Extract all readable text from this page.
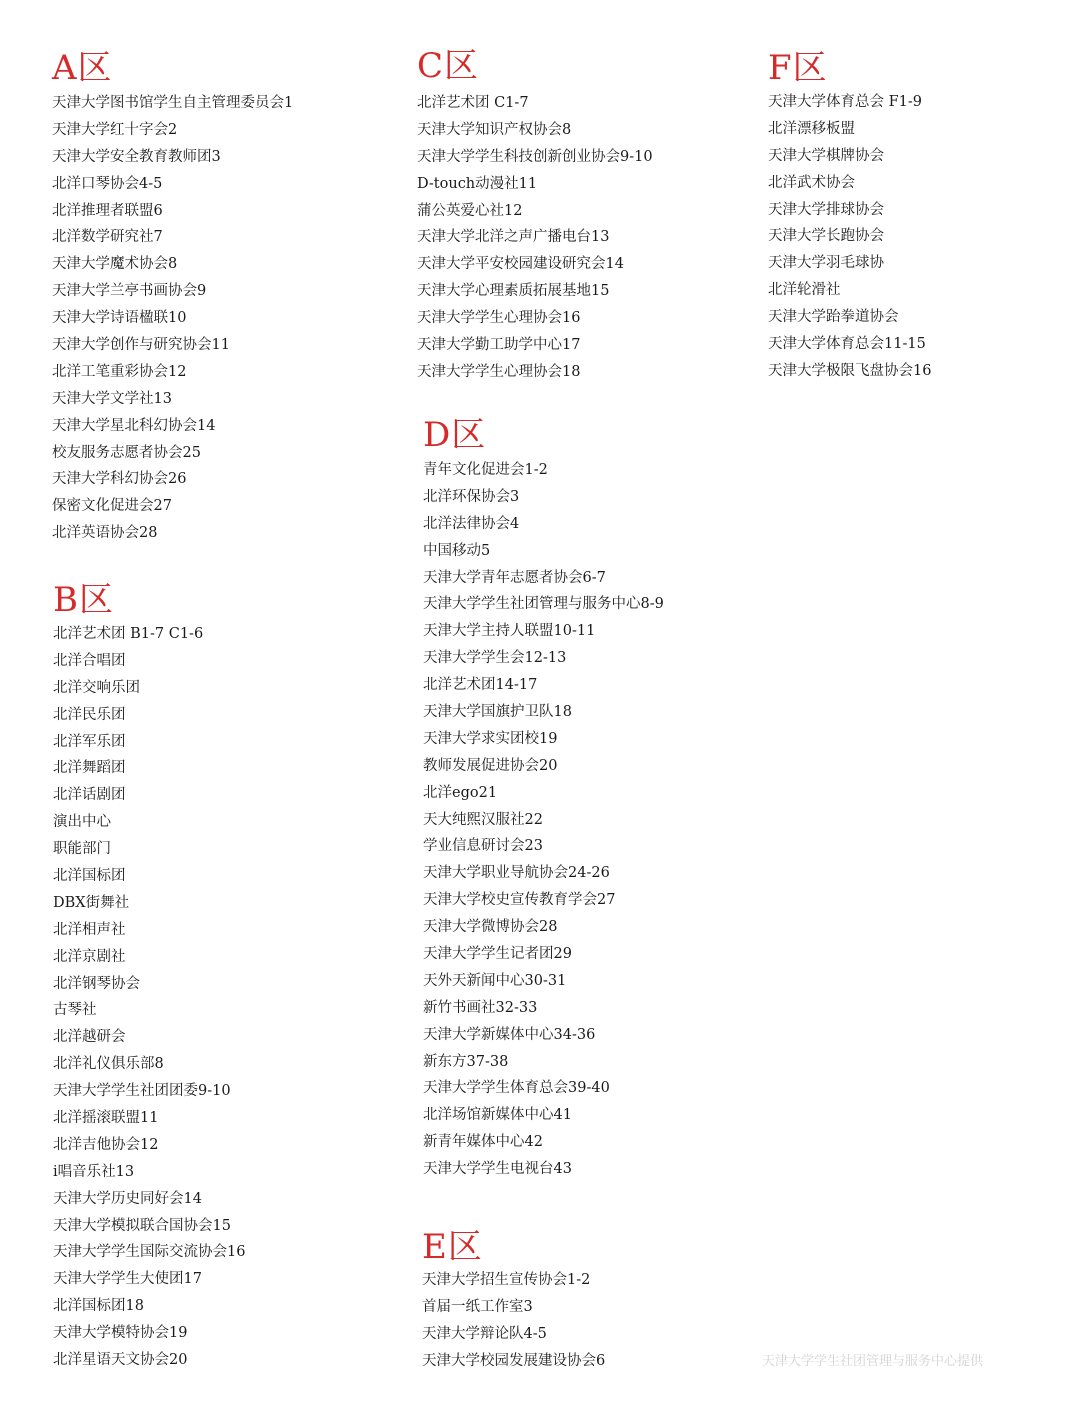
A区
天津大学图书馆学生自主管理委员会1
天津大学红十字会2
天津大学安全教育教师团3
北洋口琴协会4-5
北洋推理者联盟6
北洋数学研究社7
天津大学魔术协会8
天津大学兰亭书画协会9
天津大学诗语楹联10
天津大学创作与研究协会11
北洋工笔重彩协会12
天津大学文学社13
天津大学星北科幻协会14
校友服务志愿者协会25
天津大学科幻协会26
保密文化促进会27
北洋英语协会28
B区
北洋艺术团 B1-7 C1-6
北洋合唱团
北洋交响乐团
北洋民乐团
北洋军乐团
北洋舞蹈团
北洋话剧团
演出中心
职能部门
北洋国标团
DBX街舞社
北洋相声社
北洋京剧社
北洋钢琴协会
古琴社
北洋越研会
北洋礼仪俱乐部8
天津大学学生社团团委9-10
北洋摇滚联盟11
北洋吉他协会12
i唱音乐社13
天津大学历史同好会14
天津大学模拟联合国协会15
天津大学学生国际交流协会16
天津大学学生大使团17
北洋国标团18
天津大学模特协会19
北洋星语天文协会20
C区
北洋艺术团 C1-7
天津大学知识产权协会8
天津大学学生科技创新创业协会9-10
D-touch动漫社11
蒲公英爱心社12
天津大学北洋之声广播电台13
天津大学平安校园建设研究会14
天津大学心理素质拓展基地15
天津大学学生心理协会16
天津大学勤工助学中心17
天津大学学生心理协会18
D区
青年文化促进会1-2
北洋环保协会3
北洋法律协会4
中国移动5
天津大学青年志愿者协会6-7
天津大学学生社团管理与服务中心8-9
天津大学主持人联盟10-11
天津大学学生会12-13
北洋艺术团14-17
天津大学国旗护卫队18
天津大学求实团校19
教师发展促进协会20
北洋ego21
天大纯熙汉服社22
学业信息研讨会23
天津大学职业导航协会24-26
天津大学校史宣传教育学会27
天津大学微博协会28
天津大学学生记者团29
天外天新闻中心30-31
新竹书画社32-33
天津大学新媒体中心34-36
新东方37-38
天津大学学生体育总会39-40
北洋场馆新媒体中心41
新青年媒体中心42
天津大学学生电视台43
E区
天津大学招生宣传协会1-2
首届一纸工作室3
天津大学辩论队4-5
天津大学校园发展建设协会6
F区
天津大学体育总会 F1-9
北洋漂移板盟
天津大学棋牌协会
北洋武术协会
天津大学排球协会
天津大学长跑协会
天津大学羽毛球协
北洋轮滑社
天津大学跆拳道协会
天津大学体育总会11-15
天津大学极限飞盘协会16
天津大学学生社团管理与服务中心提供
